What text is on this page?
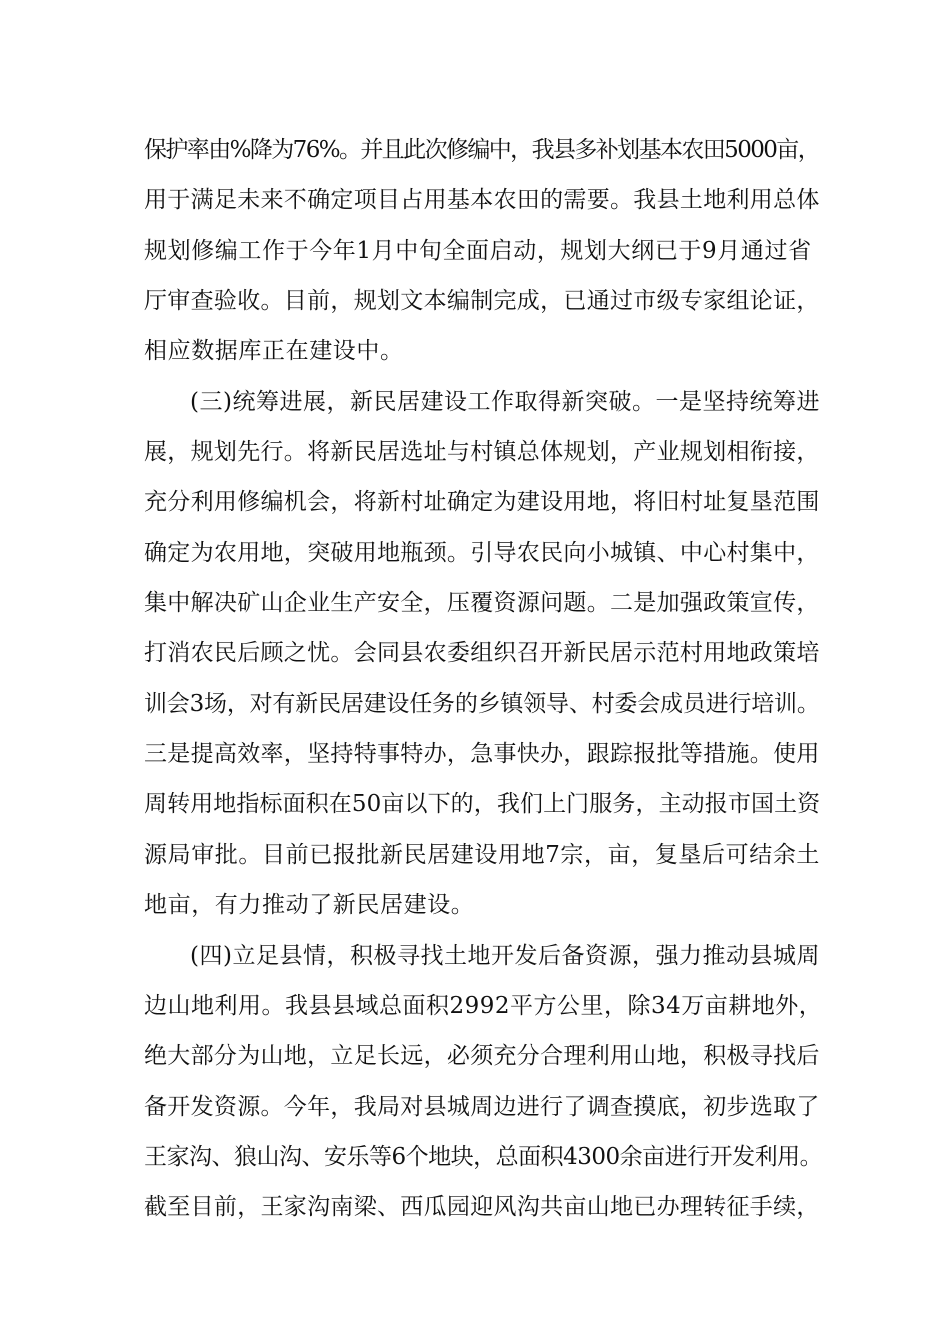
保护率由%降为76%。并且此次修编中，我县多补划基本农田5000亩，
用于满足未来不确定项目占用基本农田的需要。我县土地利用总体
规划修编工作于今年1月中旬全面启动，规划大纲已于9月通过省
厅审查验收。目前，规划文本编制完成，已通过市级专家组论证，
相应数据库正在建设中。
(三)统筹进展，新民居建设工作取得新突破。一是坚持统筹进
展，规划先行。将新民居选址与村镇总体规划，产业规划相衔接，
充分利用修编机会，将新村址确定为建设用地，将旧村址复垦范围
确定为农用地，突破用地瓶颈。引导农民向小城镇、中心村集中，
集中解决矿山企业生产安全，压覆资源问题。二是加强政策宣传，
打消农民后顾之忧。会同县农委组织召开新民居示范村用地政策培
训会3场，对有新民居建设任务的乡镇领导、村委会成员进行培训。
三是提高效率，坚持特事特办，急事快办，跟踪报批等措施。使用
周转用地指标面积在50亩以下的，我们上门服务，主动报市国土资
源局审批。目前已报批新民居建设用地7宗，亩，复垦后可结余土
地亩，有力推动了新民居建设。
(四)立足县情，积极寻找土地开发后备资源，强力推动县城周
边山地利用。我县县域总面积2992平方公里，除34万亩耕地外，
绝大部分为山地，立足长远，必须充分合理利用山地，积极寻找后
备开发资源。今年，我局对县城周边进行了调查摸底，初步选取了
王家沟、狼山沟、安乐等6个地块，总面积4300余亩进行开发利用。
截至目前，王家沟南梁、西瓜园迎风沟共亩山地已办理转征手续，
